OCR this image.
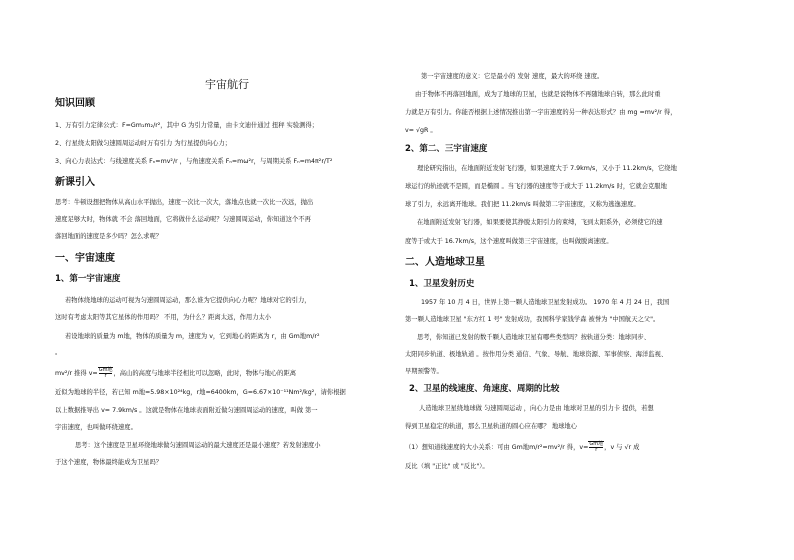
宇宙航行
知识回顾
1、万有引力定律公式：F=Gm₁m₂/r²，其中 G 为引力常量，由卡文迪什通过 扭秤 实验测得；
2、行星绕太阳做匀速圆周运动时万有引力 为行星提供向心力；
3、向心力表达式：与线速度关系 Fₙ=mv²/r ，与角速度关系 Fₙ=mω²r，与周期关系 Fₙ=m4π²r/T²
新课引入
思考：牛顿设想把物体从高山水平抛出，速度一次比一次大，落地点也就一次比一次远，抛出
速度足够大时，物体就 不会 落回地面，它将做什么运动呢？匀速圆周运动，你知道这个不再
落回地面的速度是多少吗？怎么求呢？
一、宇宙速度
1、第一宇宙速度
若物体绕地球的运动可视为匀速圆周运动，那么谁为它提供向心力呢？地球对它的引力，
这时有考虑太阳等其它星体的作用吗？ 不用，为什么？距离太远，作用力太小
若设地球的质量为 m地，物体的质量为 m，速度为 v，它到地心的距离为 r，由 Gm地m/r²
。
mv²/r 推得 $v= \frac{\text{Gm地}}{r}$ ，高山的高度与地球半径相比可以忽略，此时，物体与地心的距离
近似为地球的半径，若已知 m地=5.98×10²⁴kg，r地=6400km，G=6.67×10⁻¹¹Nm²/kg²，请你根据
以上数据推导出 v= 7.9km/s 。这就是物体在地球表面附近做匀速圆周运动的速度，叫做 第一
宇宙速度，也叫做环绕速度。
思考：这个速度是卫星环绕地球做匀速圆周运动的最大速度还是最小速度？若发射速度小
于这个速度，物体最终能成为卫星吗？
第一宇宙速度的意义：它是最小的 发射 速度，最大的环绕 速度。
由于物体不再落回地面，成为了地球的卫星，也就是说物体不再随地球自转，那么此时重
力就是万有引力。你能否根据上述情况推出第一宇宙速度的另一种表达形式？由 mg =mv²/r 得，
v= √gR 。
2、第二、三宇宙速度
理论研究指出，在地面附近发射飞行器，如果速度大于 7.9km/s，又小于 11.2km/s，它绕地
球运行的轨迹就不是圆，而是椭圆 。当飞行器的速度等于或大于 11.2km/s 时，它就会克服地
球了引力，永远离开地球。我们把 11.2km/s 叫做第二宇宙速度，又称为逃逸速度。
在地面附近发射飞行器，如果要使其挣脱太阳引力的束缚，飞到太阳系外，必须使它的速
度等于或大于 16.7km/s，这个速度叫做第三宇宙速度，也叫做脱离速度。
二、人造地球卫星
1、卫星发射历史
1957 年 10 月 4 日，世界上第一颗人造地球卫星发射成功。 1970 年 4 月 24 日，我国
第一颗人造地球卫星 "东方红 1 号" 发射成功，我国科学家钱学森 被誉为 "中国航天之父"。
思考，你知道已发射的数千颗人造地球卫星有哪些类型吗？按轨道分类：地球同步、
太阳同步轨道、极地轨道 。按作用分类 通信、气象、导航、地球资源、军事侦察、海洋监视、
早期预警等。
2、卫星的线速度、角速度、周期的比较
人造地球卫星绕地球做 匀速圆周运动 ，向心力是由 地球对卫星的引力卡 提供，若想
得到卫星稳定的轨道，那么卫星轨道的圆心应在哪？ 地球地心
（1）想知道线速度的大小关系：可由 Gm地m/r²=mv²/r 得，$v= \frac{\text{Gm地}}{r}$ ，v 与 √r 成
反比（填 "正比" 或 "反比"）。
